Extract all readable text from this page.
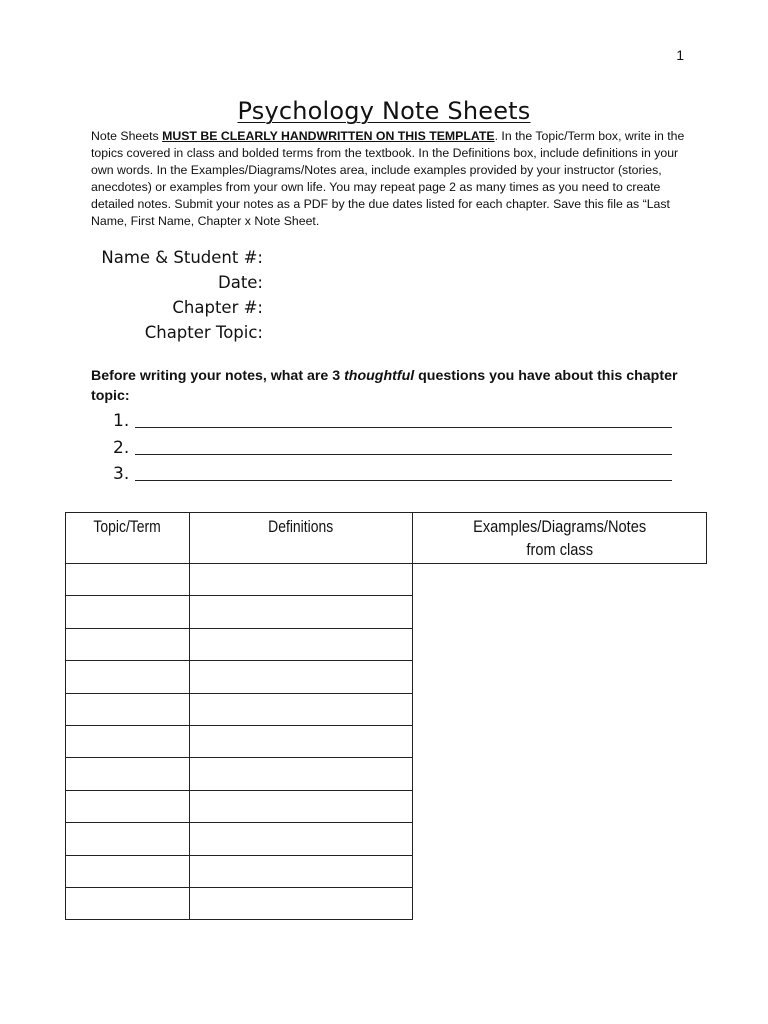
1
Psychology Note Sheets
Note Sheets MUST BE CLEARLY HANDWRITTEN ON THIS TEMPLATE. In the Topic/Term box, write in the topics covered in class and bolded terms from the textbook. In the Definitions box, include definitions in your own words. In the Examples/Diagrams/Notes area, include examples provided by your instructor (stories, anecdotes) or examples from your own life. You may repeat page 2 as many times as you need to create detailed notes. Submit your notes as a PDF by the due dates listed for each chapter. Save this file as “Last Name, First Name, Chapter x Note Sheet.
Name & Student #:
Date:
Chapter #:
Chapter Topic:
Before writing your notes, what are 3 thoughtful questions you have about this chapter topic:
1.
2.
3.
Topic/Term	Definitions	Examples/Diagrams/Notes
from class
